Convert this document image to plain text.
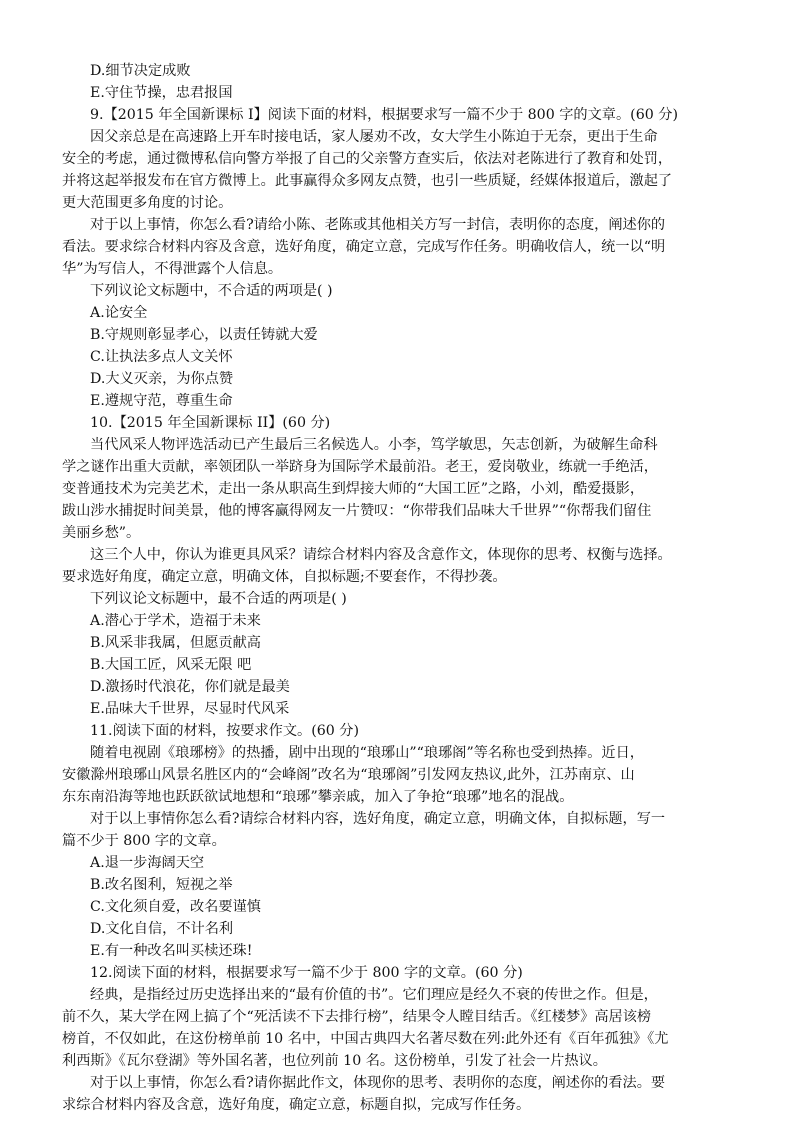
D.细节决定成败
E.守住节操，忠君报国
9.【2015 年全国新课标 I】阅读下面的材料，根据要求写一篇不少于 800 字的文章。(60 分)
因父亲总是在高速路上开车时接电话，家人屡劝不改，女大学生小陈迫于无奈，更出于生命
安全的考虑，通过微博私信向警方举报了自己的父亲警方查实后，依法对老陈进行了教育和处罚，
并将这起举报发布在官方微博上。此事赢得众多网友点赞，也引一些质疑，经媒体报道后，激起了
更大范围更多角度的讨论。
对于以上事情，你怎么看?请给小陈、老陈或其他相关方写一封信，表明你的态度，阐述你的
看法。要求综合材料内容及含意，选好角度，确定立意，完成写作任务。明确收信人，统一以“明
华”为写信人，不得泄露个人信息。
下列议论文标题中，不合适的两项是( )
A.论安全
B.守规则彰显孝心，以责任铸就大爱
C.让执法多点人文关怀
D.大义灭亲，为你点赞
E.遵规守范，尊重生命
10.【2015 年全国新课标 II】(60 分)
当代风采人物评选活动已产生最后三名候选人。小李，笃学敏思，矢志创新，为破解生命科
学之谜作出重大贡献，率领团队一举跻身为国际学术最前沿。老王，爱岗敬业，练就一手绝活，
变普通技术为完美艺术，走出一条从职高生到焊接大师的“大国工匠”之路，小刘，酷爱摄影，
跋山涉水捕捉时间美景，他的博客赢得网友一片赞叹：“你带我们品味大千世界”“你帮我们留住
美丽乡愁”。
这三个人中，你认为谁更具风采？请综合材料内容及含意作文，体现你的思考、权衡与选择。
要求选好角度，确定立意，明确文体，自拟标题;不要套作，不得抄袭。
下列议论文标题中，最不合适的两项是( )
A.潜心于学术，造福于未来
B.风采非我属，但愿贡献高
B.大国工匠，风采无限 吧
D.激扬时代浪花，你们就是最美
E.品味大千世界，尽显时代风采
11.阅读下面的材料，按要求作文。(60 分)
随着电视剧《琅琊榜》的热播，剧中出现的“琅琊山”“琅琊阁”等名称也受到热捧。近日，
安徽滁州琅琊山风景名胜区内的“会峰阁”改名为“琅琊阁”引发网友热议,此外，江苏南京、山
东东南沿海等地也跃跃欲试地想和“琅琊”攀亲戚，加入了争抢“琅琊”地名的混战。
对于以上事情你怎么看?请综合材料内容，选好角度，确定立意，明确文体，自拟标题，写一
篇不少于 800 字的文章。
A.退一步海阔天空
B.改名图利，短视之举
C.文化须自爱，改名要谨慎
D.文化自信，不计名利
E.有一种改名叫买椟还珠!
12.阅读下面的材料，根据要求写一篇不少于 800 字的文章。(60 分)
经典，是指经过历史选择出来的“最有价值的书”。它们理应是经久不衰的传世之作。但是，
前不久，某大学在网上搞了个“死活读不下去排行榜”，结果令人瞠目结舌。《红楼梦》高居该榜
榜首，不仅如此，在这份榜单前 10 名中，中国古典四大名著尽数在列:此外还有《百年孤独》《尤
利西斯》《瓦尔登湖》等外国名著，也位列前 10 名。这份榜单，引发了社会一片热议。
对于以上事情，你怎么看?请你据此作文，体现你的思考、表明你的态度，阐述你的看法。要
求综合材料内容及含意，选好角度，确定立意，标题自拟，完成写作任务。
